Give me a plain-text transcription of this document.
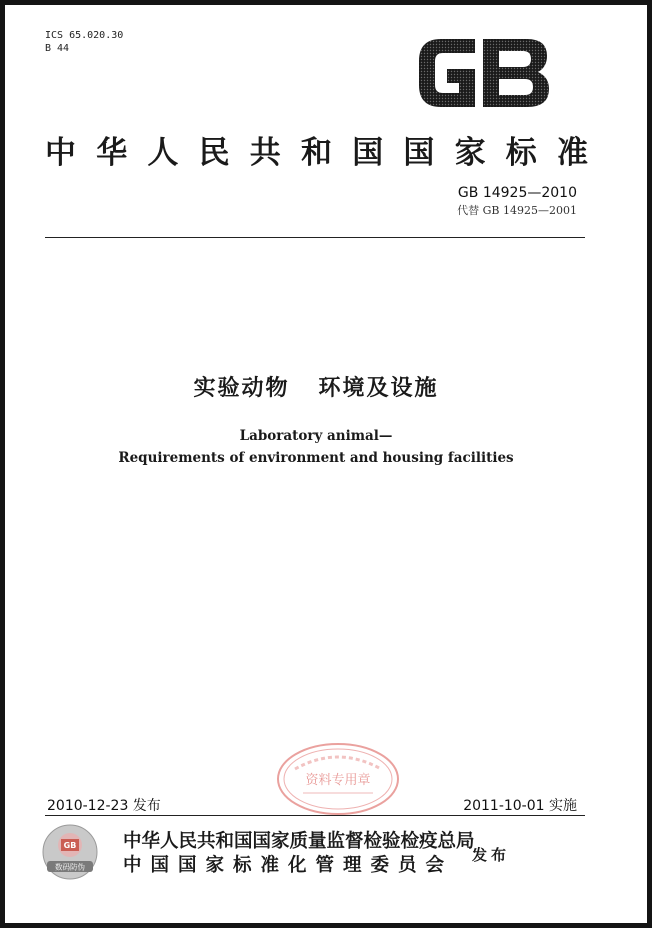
ICS 65.020.30
B 44
中华人民共和国国家标准
GB 14925—2010
代替 GB 14925—2001
实验动物   环境及设施
Laboratory animal—
Requirements of environment and housing facilities
资料专用章
2010-12-23 发布	2011-10-01 实施
GB
数码防伪
中华人民共和国国家质量监督检验检疫总局
中国国家标准化管理委员会	发布
